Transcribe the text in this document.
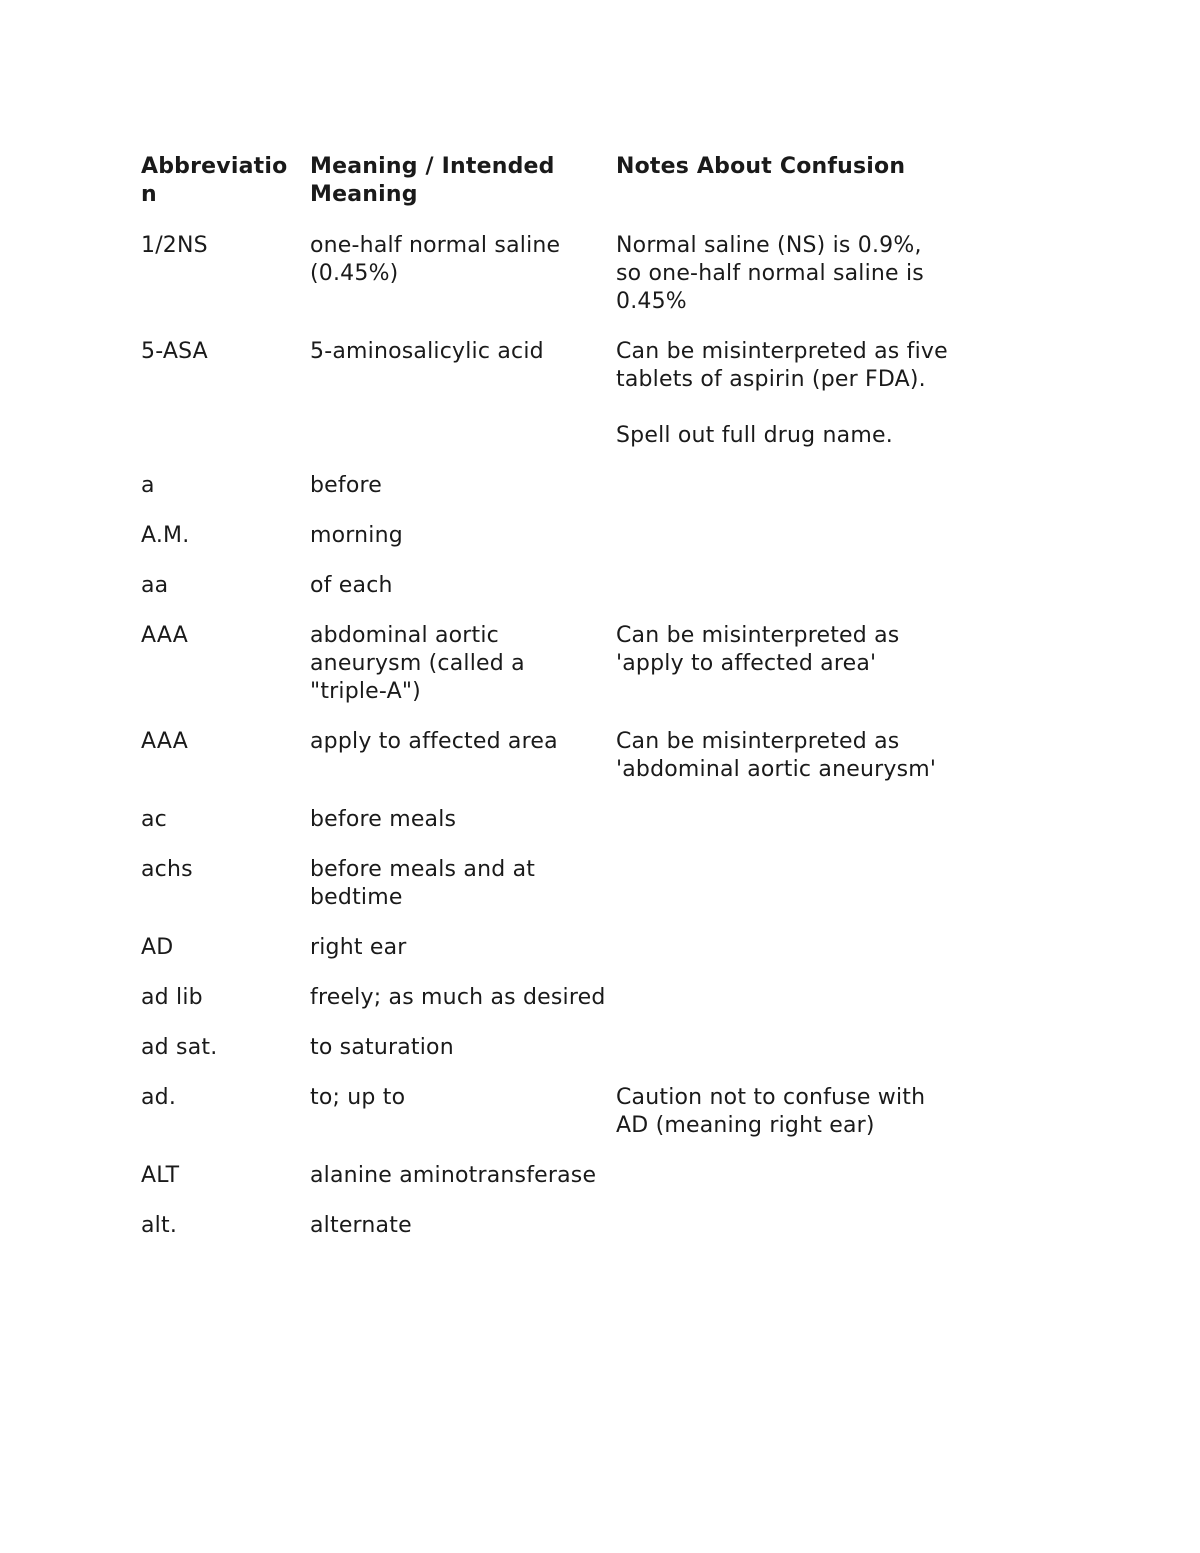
Abbreviation	Meaning / Intended Meaning	Notes About Confusion
1/2NS	one-half normal saline (0.45%)	Normal saline (NS) is 0.9%, so one-half normal saline is 0.45%

5-ASA	5-aminosalicylic acid	Can be misinterpreted as five tablets of aspirin (per FDA).
Spell out full drug name.

a	before	
A.M.	morning	
aa	of each	
AAA	abdominal aortic aneurysm (called a "triple-A")	Can be misinterpreted as 'apply to affected area'

AAA	apply to affected area	Can be misinterpreted as 'abdominal aortic aneurysm'

ac	before meals	
achs	before meals and at bedtime	
AD	right ear	
ad lib	freely; as much as desired	
ad sat.	to saturation	
ad.	to; up to	Caution not to confuse with AD (meaning right ear)

ALT	alanine aminotransferase	
alt.	alternate	
